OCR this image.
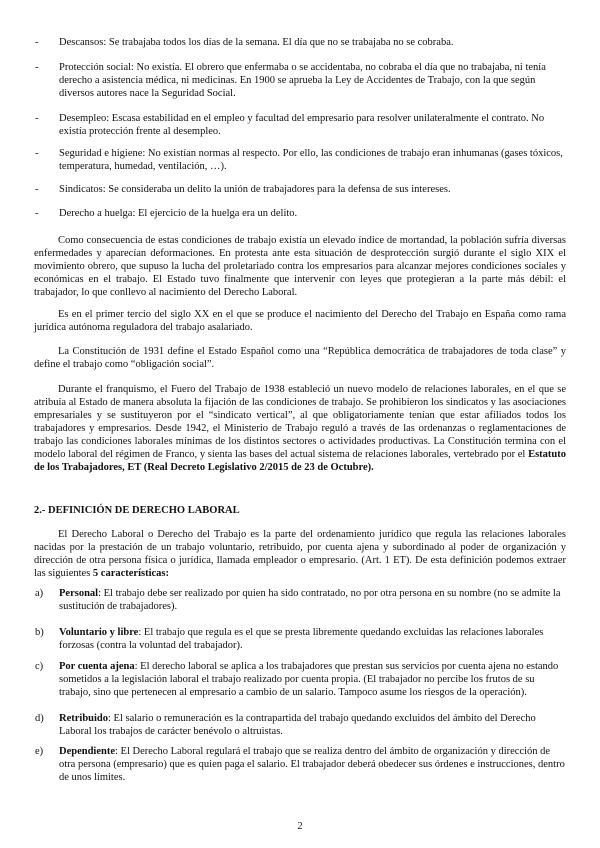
- Descansos: Se trabajaba todos los días de la semana. El día que no se trabajaba no se cobraba.
- Protección social: No existía. El obrero que enfermaba o se accidentaba, no cobraba el día que no trabajaba, ni tenía derecho a asistencia médica, ni medicinas. En 1900 se aprueba la Ley de Accidentes de Trabajo, con la que según diversos autores nace la Seguridad Social.
- Desempleo: Escasa estabilidad en el empleo y facultad del empresario para resolver unilateralmente el contrato. No existía protección frente al desempleo.
- Seguridad e higiene: No existían normas al respecto. Por ello, las condiciones de trabajo eran inhumanas (gases tóxicos, temperatura, humedad, ventilación, …).
- Sindicatos: Se consideraba un delito la unión de trabajadores para la defensa de sus intereses.
- Derecho a huelga: El ejercicio de la huelga era un delito.
Como consecuencia de estas condiciones de trabajo existía un elevado índice de mortandad, la población sufría diversas enfermedades y aparecían deformaciones. En protesta ante esta situación de desprotección surgió durante el siglo XIX el movimiento obrero, que supuso la lucha del proletariado contra los empresarios para alcanzar mejores condiciones sociales y económicas en el trabajo. El Estado tuvo finalmente que intervenir con leyes que protegieran a la parte más débil: el trabajador, lo que conllevo al nacimiento del Derecho Laboral.
Es en el primer tercio del siglo XX en el que se produce el nacimiento del Derecho del Trabajo en España como rama jurídica autónoma reguladora del trabajo asalariado.
La Constitución de 1931 define el Estado Español como una “República democrática de trabajadores de toda clase” y define el trabajo como “obligación social”.
Durante el franquismo, el Fuero del Trabajo de 1938 estableció un nuevo modelo de relaciones laborales, en el que se atribuía al Estado de manera absoluta la fijación de las condiciones de trabajo. Se prohibieron los sindicatos y las asociaciones empresariales y se sustituyeron por el “sindicato vertical”, al que obligatoriamente tenían que estar afiliados todos los trabajadores y empresarios. Desde 1942, el Ministerio de Trabajo reguló a través de las ordenanzas o reglamentaciones de trabajo las condiciones laborales mínimas de los distintos sectores o actividades productivas. La Constitución termina con el modelo laboral del régimen de Franco, y sienta las bases del actual sistema de relaciones laborales, vertebrado por el Estatuto de los Trabajadores, ET (Real Decreto Legislativo 2/2015 de 23 de Octubre).
2.- DEFINICIÓN DE DERECHO LABORAL
El Derecho Laboral o Derecho del Trabajo es la parte del ordenamiento jurídico que regula las relaciones laborales nacidas por la prestación de un trabajo voluntario, retribuido, por cuenta ajena y subordinado al poder de organización y dirección de otra persona física o jurídica, llamada empleador o empresario. (Art. 1 ET). De esta definición podemos extraer las siguientes 5 características:
a) Personal: El trabajo debe ser realizado por quien ha sido contratado, no por otra persona en su nombre (no se admite la sustitución de trabajadores).
b) Voluntario y libre: El trabajo que regula es el que se presta libremente quedando excluidas las relaciones laborales forzosas (contra la voluntad del trabajador).
c) Por cuenta ajena: El derecho laboral se aplica a los trabajadores que prestan sus servicios por cuenta ajena no estando sometidos a la legislación laboral el trabajo realizado por cuenta propia. (El trabajador no percibe los frutos de su trabajo, sino que pertenecen al empresario a cambio de un salario. Tampoco asume los riesgos de la operación).
d) Retribuido: El salario o remuneración es la contrapartida del trabajo quedando excluidos del ámbito del Derecho Laboral los trabajos de carácter benévolo o altruistas.
e) Dependiente: El Derecho Laboral regulará el trabajo que se realiza dentro del ámbito de organización y dirección de otra persona (empresario) que es quien paga el salario. El trabajador deberá obedecer sus órdenes e instrucciones, dentro de unos límites.
2
